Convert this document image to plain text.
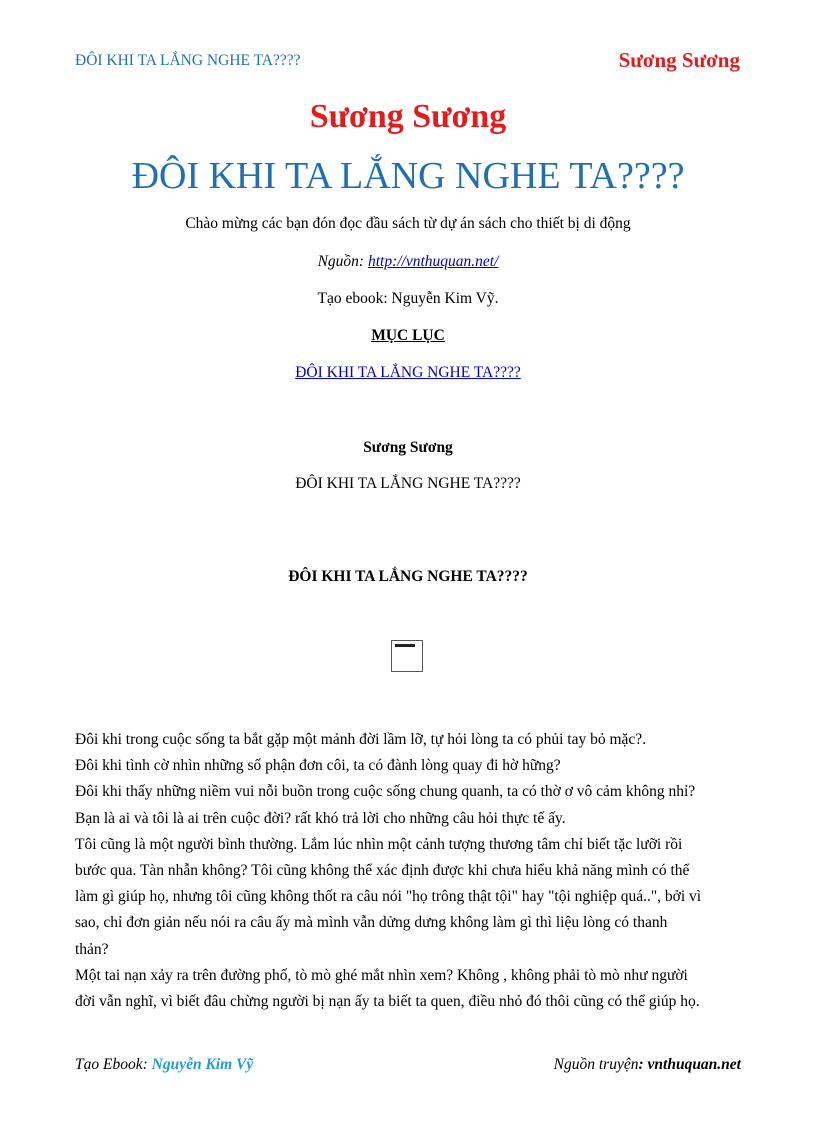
ĐÔI KHI TA LẮNG NGHE TA????	Sương Sương
Sương Sương
ĐÔI KHI TA LẮNG NGHE TA????
Chào mừng các bạn đón đọc đầu sách từ dự án sách cho thiết bị di động
Nguồn: http://vnthuquan.net/
Tạo ebook: Nguyễn Kim Vỹ.
MỤC LỤC
ĐÔI KHI TA LẮNG NGHE TA????
Sương Sương
ĐÔI KHI TA LẮNG NGHE TA????
ĐÔI KHI TA LẮNG NGHE TA????

Đôi khi trong cuộc sống ta bắt gặp một mảnh đời lầm lỡ, tự hỏi lòng ta có phủi tay bỏ mặc?.

Đôi khi tình cờ nhìn những số phận đơn côi, ta có đành lòng quay đi hờ hững?

Đôi khi thấy những niềm vui nỗi buồn trong cuộc sống chung quanh, ta có thờ ơ vô cảm không nhỉ?

Bạn là ai và tôi là ai trên cuộc đời? rất khó trả lời cho những câu hỏi thực tế ấy.

Tôi cũng là một người bình thường. Lắm lúc nhìn một cảnh tượng thương tâm chỉ biết tặc lưỡi rồi

bước qua. Tàn nhẫn không? Tôi cũng không thể xác định được khi chưa hiểu khả năng mình có thể

làm gì giúp họ, nhưng tôi cũng không thốt ra câu nói "họ trông thật tội" hay "tội nghiệp quá..", bởi vì

sao, chỉ đơn giản nếu nói ra câu ấy mà mình vẫn dửng dưng không làm gì thì liệu lòng có thanh

thản?

Một tai nạn xảy ra trên đường phố, tò mò ghé mắt nhìn xem? Không , không phải tò mò như người

đời vẫn nghĩ, vì biết đâu chừng người bị nạn ấy ta biết ta quen, điều nhỏ đó thôi cũng có thể giúp họ.

Tạo Ebook: Nguyễn Kim Vỹ	Nguồn truyện: vnthuquan.net
